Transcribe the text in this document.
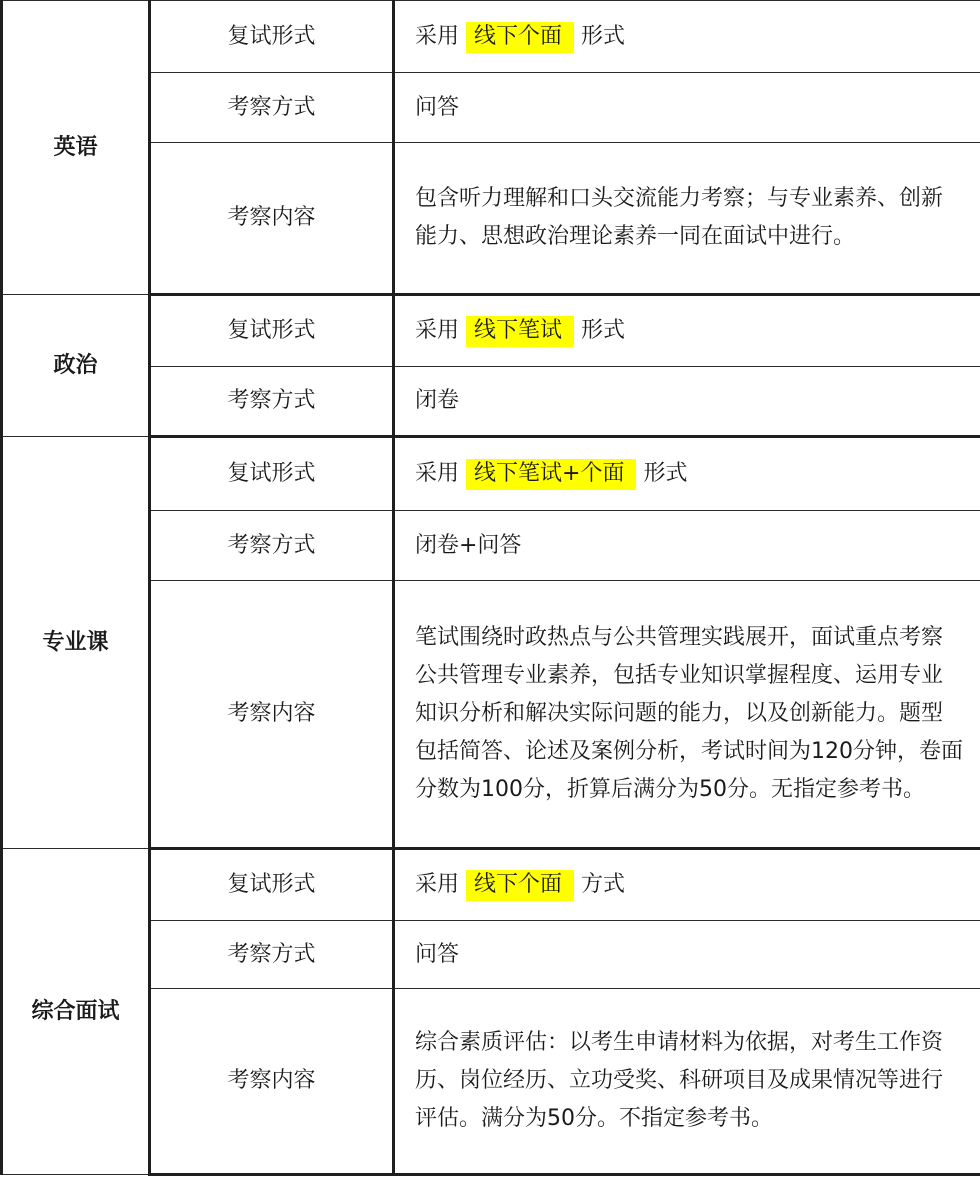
英语	复试形式	采用 线下个面 形式
	考察方式	问答
	考察内容	包含听力理解和口头交流能力考察；与专业素养、创新能力、思想政治理论素养一同在面试中进行。
政治	复试形式	采用 线下笔试 形式
	考察方式	闭卷
专业课	复试形式	采用 线下笔试+个面 形式
	考察方式	闭卷+问答
	考察内容	笔试围绕时政热点与公共管理实践展开，面试重点考察公共管理专业素养，包括专业知识掌握程度、运用专业知识分析和解决实际问题的能力，以及创新能力。题型包括简答、论述及案例分析，考试时间为120分钟，卷面分数为100分，折算后满分为50分。无指定参考书。
综合面试	复试形式	采用 线下个面 方式
	考察方式	问答
	考察内容	综合素质评估：以考生申请材料为依据，对考生工作资历、岗位经历、立功受奖、科研项目及成果情况等进行评估。满分为50分。不指定参考书。
